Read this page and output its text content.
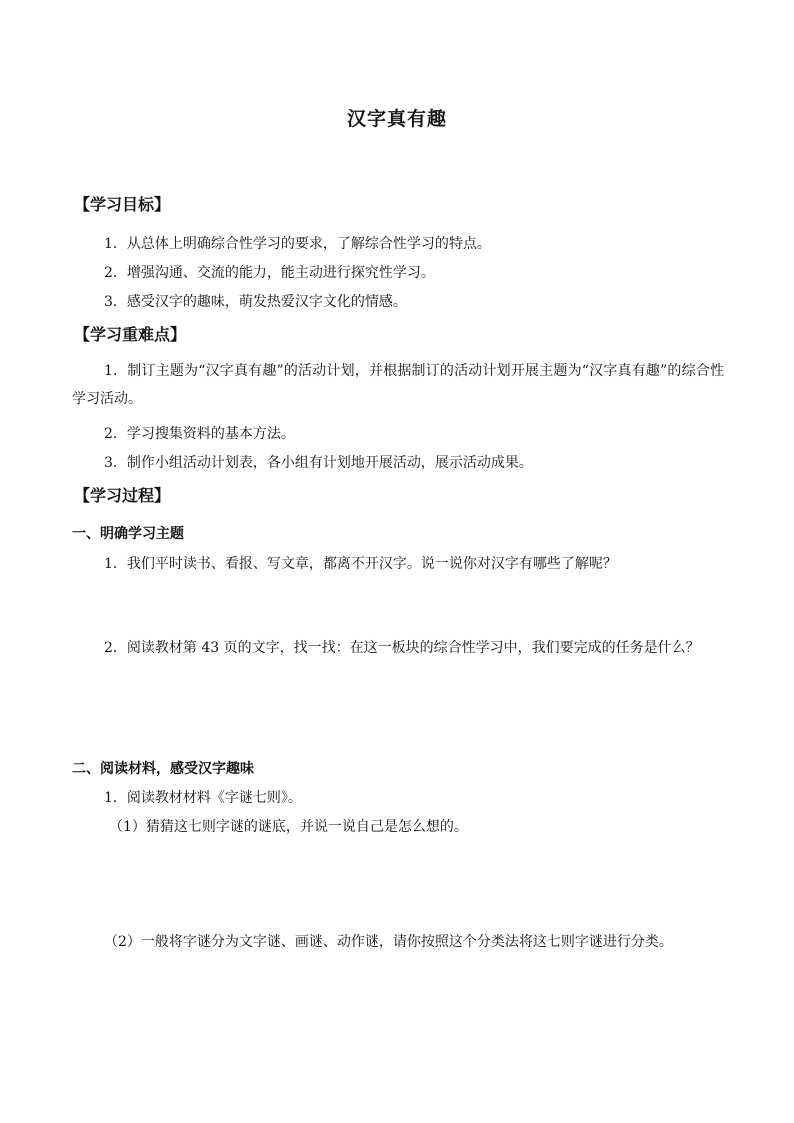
汉字真有趣
【学习目标】
1．从总体上明确综合性学习的要求，了解综合性学习的特点。
2．增强沟通、交流的能力，能主动进行探究性学习。
3．感受汉字的趣味，萌发热爱汉字文化的情感。
【学习重难点】
1．制订主题为“汉字真有趣”的活动计划，并根据制订的活动计划开展主题为“汉字真有趣”的综合性学习活动。
2．学习搜集资料的基本方法。
3．制作小组活动计划表，各小组有计划地开展活动，展示活动成果。
【学习过程】
一、明确学习主题
1．我们平时读书、看报、写文章，都离不开汉字。说一说你对汉字有哪些了解呢？
2．阅读教材第 43 页的文字，找一找：在这一板块的综合性学习中，我们要完成的任务是什么？
二、阅读材料，感受汉字趣味
1．阅读教材材料《字谜七则》。
（1）猜猜这七则字谜的谜底，并说一说自己是怎么想的。
（2）一般将字谜分为文字谜、画谜、动作谜，请你按照这个分类法将这七则字谜进行分类。
